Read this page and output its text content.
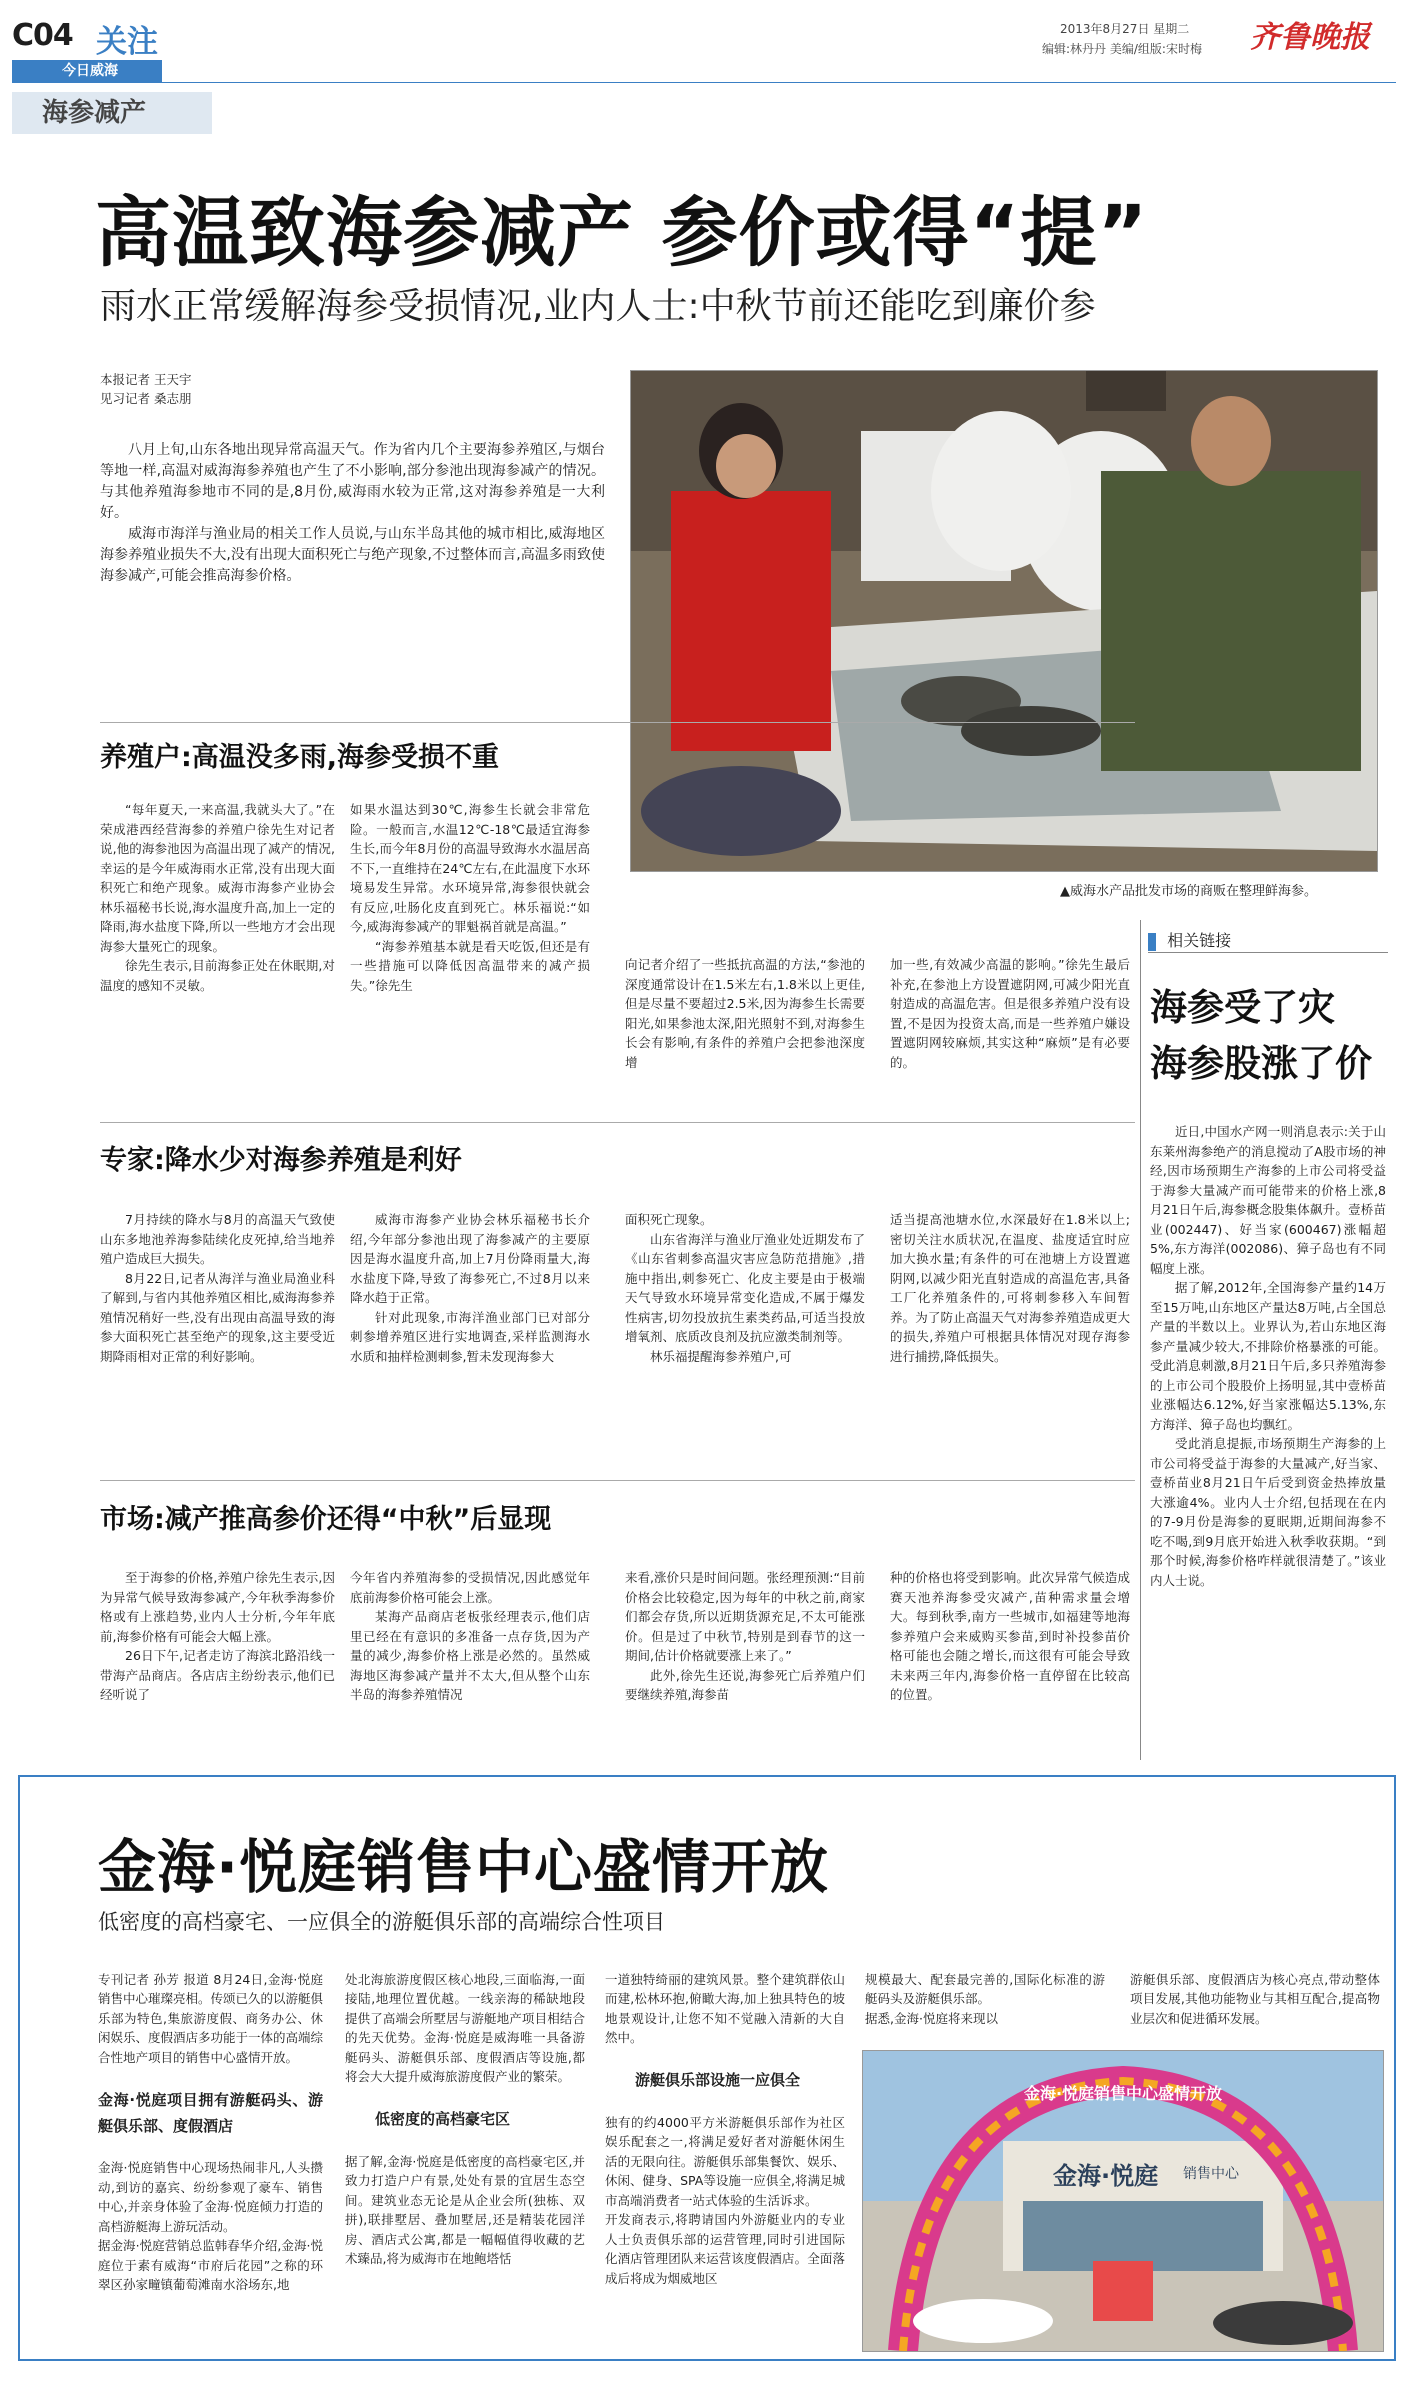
C04 关注
今日威海
2013年8月27日 星期二
编辑:林丹丹 美编/组版:宋时梅 齐鲁晚报
海参减产
高温致海参减产 参价或得“提”
雨水正常缓解海参受损情况,业内人士:中秋节前还能吃到廉价参
本报记者 王天宇
见习记者 桑志朋

八月上旬,山东各地出现异常高温天气。作为省内几个主要海参养殖区,与烟台等地一样,高温对威海海参养殖也产生了不小影响,部分参池出现海参减产的情况。与其他养殖海参地市不同的是,8月份,威海雨水较为正常,这对海参养殖是一大利好。

威海市海洋与渔业局的相关工作人员说,与山东半岛其他的城市相比,威海地区海参养殖业损失不大,没有出现大面积死亡与绝产现象,不过整体而言,高温多雨致使海参减产,可能会推高海参价格。

▲威海水产品批发市场的商贩在整理鲜海参。
养殖户:高温没多雨,海参受损不重

“每年夏天,一来高温,我就头大了。”在荣成港西经营海参的养殖户徐先生对记者说,他的海参池因为高温出现了减产的情况,幸运的是今年威海雨水正常,没有出现大面积死亡和绝产现象。威海市海参产业协会林乐福秘书长说,海水温度升高,加上一定的降雨,海水盐度下降,所以一些地方才会出现海参大量死亡的现象。

徐先生表示,目前海参正处在休眠期,对温度的感知不灵敏。

如果水温达到30℃,海参生长就会非常危险。一般而言,水温12℃-18℃最适宜海参生长,而今年8月份的高温导致海水水温居高不下,一直维持在24℃左右,在此温度下水环境易发生异常。水环境异常,海参很快就会有反应,吐肠化皮直到死亡。林乐福说:“如今,威海海参减产的罪魁祸首就是高温。”

“海参养殖基本就是看天吃饭,但还是有一些措施可以降低因高温带来的减产损失。”徐先生

向记者介绍了一些抵抗高温的方法,“参池的深度通常设计在1.5米左右,1.8米以上更佳,但是尽量不要超过2.5米,因为海参生长需要阳光,如果参池太深,阳光照射不到,对海参生长会有影响,有条件的养殖户会把参池深度增

加一些,有效减少高温的影响。”徐先生最后补充,在参池上方设置遮阴网,可减少阳光直射造成的高温危害。但是很多养殖户没有设置,不是因为投资太高,而是一些养殖户嫌设置遮阴网较麻烦,其实这种“麻烦”是有必要的。

专家:降水少对海参养殖是利好

7月持续的降水与8月的高温天气致使山东多地池养海参陆续化皮死掉,给当地养殖户造成巨大损失。

8月22日,记者从海洋与渔业局渔业科了解到,与省内其他养殖区相比,威海海参养殖情况稍好一些,没有出现由高温导致的海参大面积死亡甚至绝产的现象,这主要受近期降雨相对正常的利好影响。

威海市海参产业协会林乐福秘书长介绍,今年部分参池出现了海参减产的主要原因是海水温度升高,加上7月份降雨量大,海水盐度下降,导致了海参死亡,不过8月以来降水趋于正常。

针对此现象,市海洋渔业部门已对部分刺参增养殖区进行实地调查,采样监测海水水质和抽样检测刺参,暂未发现海参大

面积死亡现象。

山东省海洋与渔业厅渔业处近期发布了《山东省刺参高温灾害应急防范措施》,措施中指出,刺参死亡、化皮主要是由于极端天气导致水环境异常变化造成,不属于爆发性病害,切勿投放抗生素类药品,可适当投放增氧剂、底质改良剂及抗应激类制剂等。

林乐福提醒海参养殖户,可

适当提高池塘水位,水深最好在1.8米以上;密切关注水质状况,在温度、盐度适宜时应加大换水量;有条件的可在池塘上方设置遮阴网,以减少阳光直射造成的高温危害,具备工厂化养殖条件的,可将刺参移入车间暂养。为了防止高温天气对海参养殖造成更大的损失,养殖户可根据具体情况对现存海参进行捕捞,降低损失。

市场:减产推高参价还得“中秋”后显现

至于海参的价格,养殖户徐先生表示,因为异常气候导致海参减产,今年秋季海参价格或有上涨趋势,业内人士分析,今年年底前,海参价格有可能会大幅上涨。

26日下午,记者走访了海滨北路沿线一带海产品商店。各店店主纷纷表示,他们已经听说了

今年省内养殖海参的受损情况,因此感觉年底前海参价格可能会上涨。

某海产品商店老板张经理表示,他们店里已经在有意识的多准备一点存货,因为产量的减少,海参价格上涨是必然的。虽然威海地区海参减产量并不太大,但从整个山东半岛的海参养殖情况

来看,涨价只是时间问题。张经理预测:“目前价格会比较稳定,因为每年的中秋之前,商家们都会存货,所以近期货源充足,不太可能涨价。但是过了中秋节,特别是到春节的这一期间,估计价格就要涨上来了。”

此外,徐先生还说,海参死亡后养殖户们要继续养殖,海参苗

种的价格也将受到影响。此次异常气候造成赛天池养海参受灾减产,苗种需求量会增大。每到秋季,南方一些城市,如福建等地海参养殖户会来威购买参苗,到时补投参苗价格可能也会随之增长,而这很有可能会导致未来两三年内,海参价格一直停留在比较高的位置。

相关链接
海参受了灾
海参股涨了价

近日,中国水产网一则消息表示:关于山东莱州海参绝产的消息搅动了A股市场的神经,因市场预期生产海参的上市公司将受益于海参大量减产而可能带来的价格上涨,8月21日午后,海参概念股集体飙升。壹桥苗业(002447)、好当家(600467)涨幅超5%,东方海洋(002086)、獐子岛也有不同幅度上涨。

据了解,2012年,全国海参产量约14万至15万吨,山东地区产量达8万吨,占全国总产量的半数以上。业界认为,若山东地区海参产量减少较大,不排除价格暴涨的可能。受此消息刺激,8月21日午后,多只养殖海参的上市公司个股股价上扬明显,其中壹桥苗业涨幅达6.12%,好当家涨幅达5.13%,东方海洋、獐子岛也均飘红。

受此消息提振,市场预期生产海参的上市公司将受益于海参的大量减产,好当家、壹桥苗业8月21日午后受到资金热捧放量大涨逾4%。业内人士介绍,包括现在在内的7-9月份是海参的夏眠期,近期间海参不吃不喝,到9月底开始进入秋季收获期。“到那个时候,海参价格咋样就很清楚了。”该业内人士说。

金海·悦庭销售中心盛情开放
低密度的高档豪宅、一应俱全的游艇俱乐部的高端综合性项目

专刊记者 孙芳 报道 8月24日,金海·悦庭销售中心璀璨亮相。传颂已久的以游艇俱乐部为特色,集旅游度假、商务办公、休闲娱乐、度假酒店多功能于一体的高端综合性地产项目的销售中心盛情开放。

金海·悦庭项目拥有游艇码头、游艇俱乐部、度假酒店

金海·悦庭销售中心现场热闹非凡,人头攒动,到访的嘉宾、纷纷参观了豪车、销售中心,并亲身体验了金海·悦庭倾力打造的高档游艇海上游玩活动。
据金海·悦庭营销总监韩春华介绍,金海·悦庭位于素有威海“市府后花园”之称的环翠区孙家疃镇葡萄滩南水浴场东,地

处北海旅游度假区核心地段,三面临海,一面接陆,地理位置优越。一线亲海的稀缺地段提供了高端会所墅居与游艇地产项目相结合的先天优势。金海·悦庭是威海唯一具备游艇码头、游艇俱乐部、度假酒店等设施,都将会大大提升威海旅游度假产业的繁荣。

低密度的高档豪宅区

据了解,金海·悦庭是低密度的高档豪宅区,并致力打造户户有景,处处有景的宜居生态空间。建筑业态无论是从企业会所(独栋、双拼),联排墅居、叠加墅居,还是精装花园洋房、酒店式公寓,都是一幅幅值得收藏的艺术臻品,将为威海市在地鲍塔恬

一道独特绮丽的建筑风景。整个建筑群依山而建,松林环抱,俯瞰大海,加上独具特色的坡地景观设计,让您不知不觉融入清新的大自然中。

游艇俱乐部设施一应俱全

独有的约4000平方米游艇俱乐部作为社区娱乐配套之一,将满足爱好者对游艇休闲生活的无限向往。游艇俱乐部集餐饮、娱乐、休闲、健身、SPA等设施一应俱全,将满足城市高端消费者一站式体验的生活诉求。
开发商表示,将聘请国内外游艇业内的专业人士负责俱乐部的运营管理,同时引进国际化酒店管理团队来运营该度假酒店。全面落成后将成为烟威地区

规模最大、配套最完善的,国际化标准的游艇码头及游艇俱乐部。
据悉,金海·悦庭将来现以

游艇俱乐部、度假酒店为核心亮点,带动整体项目发展,其他功能物业与其相互配合,提高物业层次和促进循环发展。

金海·悦庭销售中心盛情开放
金海·悦庭 销售中心
